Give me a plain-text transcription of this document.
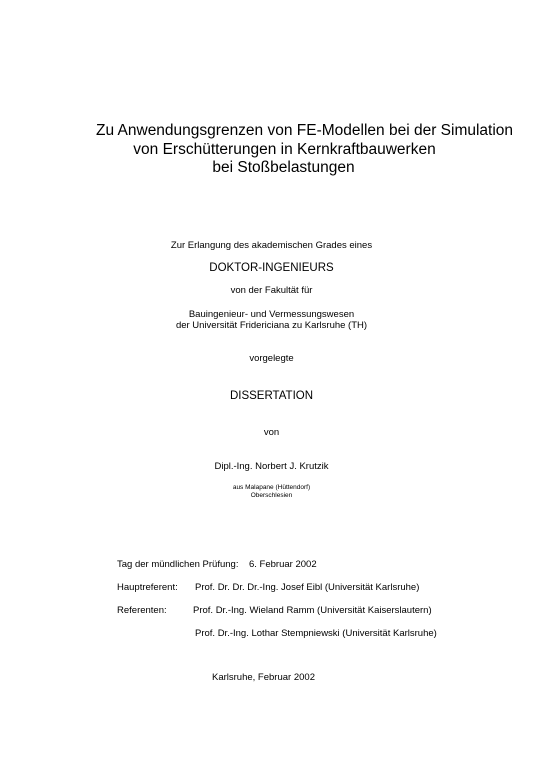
Zu Anwendungsgrenzen von FE-Modellen bei der Simulation
von Erschütterungen in Kernkraftbauwerken
bei Stoßbelastungen
Zur Erlangung des akademischen Grades eines
DOKTOR-INGENIEURS
von der Fakultät für
Bauingenieur- und Vermessungswesen
der Universität Fridericiana zu Karlsruhe (TH)
vorgelegte
DISSERTATION
von
Dipl.-Ing. Norbert J. Krutzik
aus Malapane (Hüttendorf)
Oberschlesien
Tag der mündlichen Prüfung: 6. Februar 2002
Hauptreferent: Prof. Dr. Dr. Dr.-Ing. Josef Eibl (Universität Karlsruhe)
Referenten:	Prof. Dr.-Ing. Wieland Ramm (Universität Kaiserslautern)
Prof. Dr.-Ing. Lothar Stempniewski (Universität Karlsruhe)
Karlsruhe, Februar 2002
